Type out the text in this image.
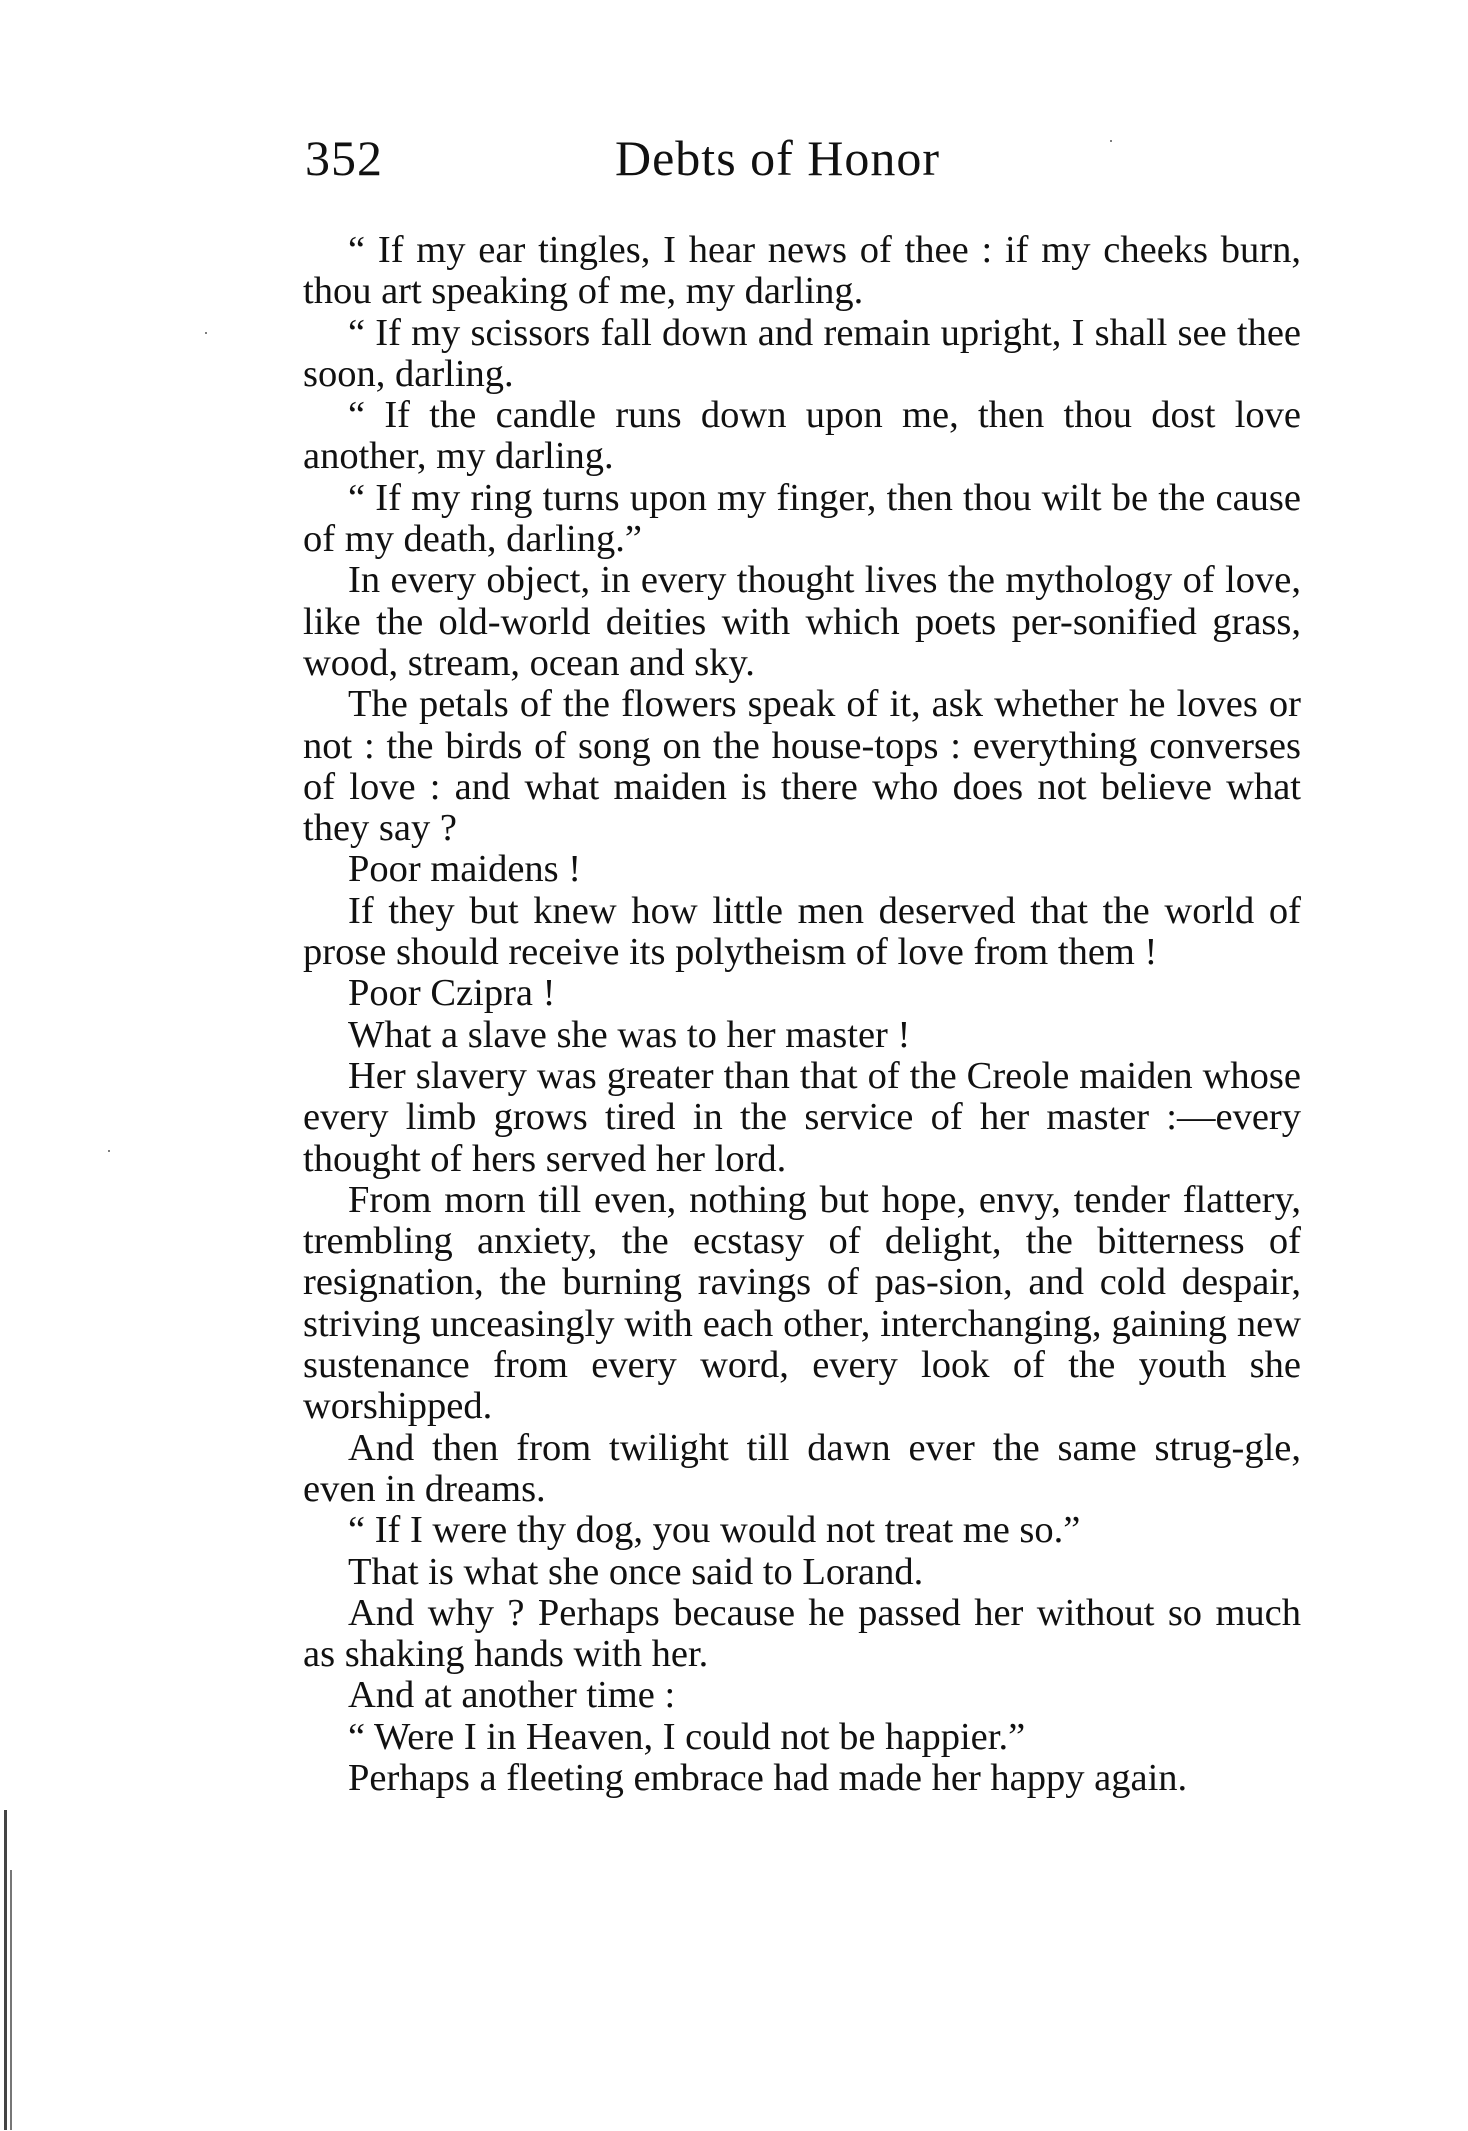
352	Debts of Honor

“ If my ear tingles, I hear news of thee : if my cheeks burn, thou art speaking of me, my darling.

“ If my scissors fall down and remain upright, I shall see thee soon, darling.

“ If the candle runs down upon me, then thou dost love another, my darling.

“ If my ring turns upon my finger, then thou wilt be the cause of my death, darling.”

In every object, in every thought lives the mythology of love, like the old-world deities with which poets per-sonified grass, wood, stream, ocean and sky.

The petals of the flowers speak of it, ask whether he loves or not : the birds of song on the house-tops : everything converses of love : and what maiden is there who does not believe what they say ?

Poor maidens !

If they but knew how little men deserved that the world of prose should receive its polytheism of love from them !

Poor Czipra !

What a slave she was to her master !

Her slavery was greater than that of the Creole maiden whose every limb grows tired in the service of her master :—every thought of hers served her lord.

From morn till even, nothing but hope, envy, tender flattery, trembling anxiety, the ecstasy of delight, the bitterness of resignation, the burning ravings of pas-sion, and cold despair, striving unceasingly with each other, interchanging, gaining new sustenance from every word, every look of the youth she worshipped.

And then from twilight till dawn ever the same strug-gle, even in dreams.

“ If I were thy dog, you would not treat me so.”

That is what she once said to Lorand.

And why ? Perhaps because he passed her without so much as shaking hands with her.

And at another time :

“ Were I in Heaven, I could not be happier.”

Perhaps a fleeting embrace had made her happy again.
